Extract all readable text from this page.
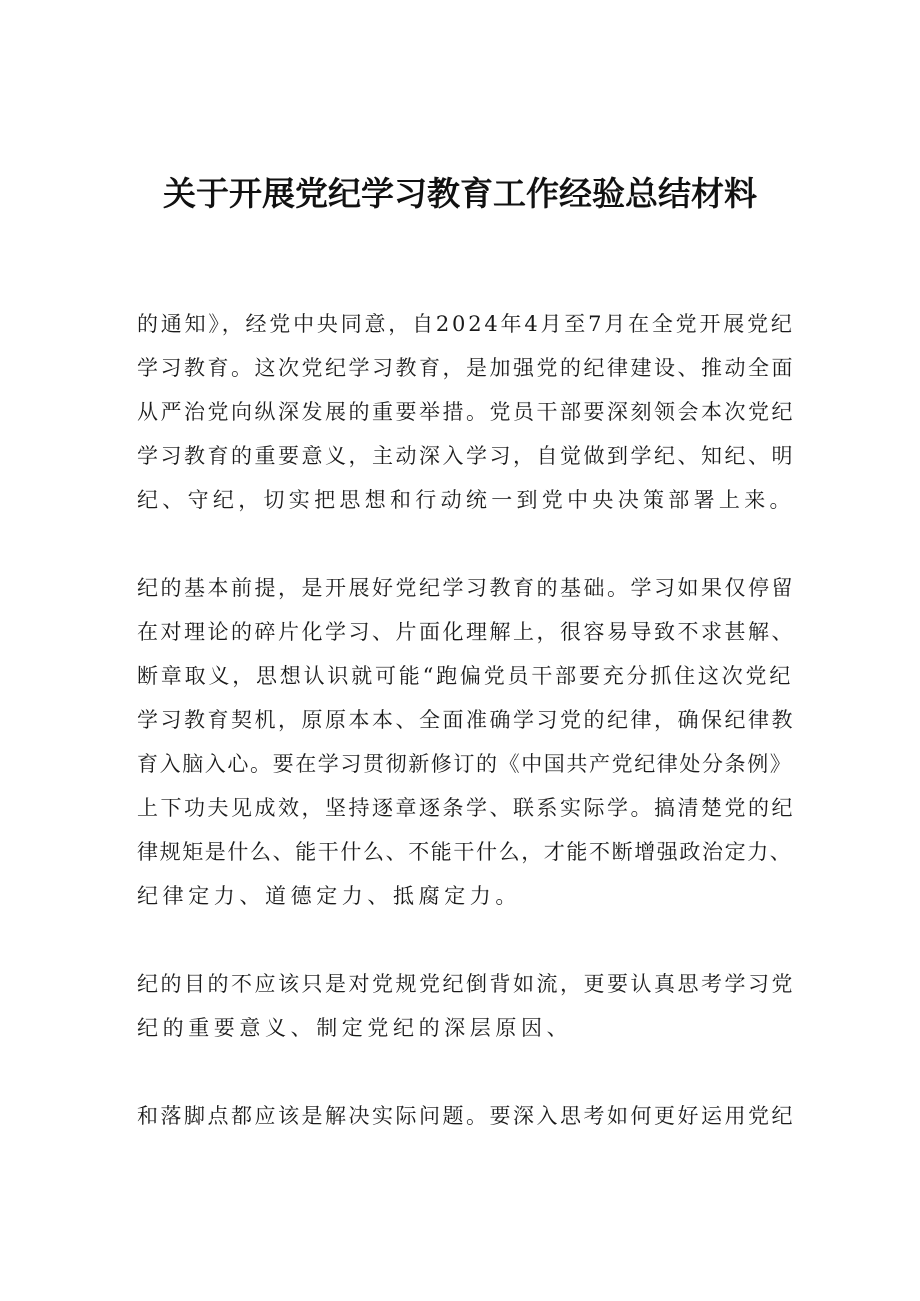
关于开展党纪学习教育工作经验总结材料

的通知》，经党中央同意，自2024年4月至7月在全党开展党纪

学习教育。这次党纪学习教育，是加强党的纪律建设、推动全面

从严治党向纵深发展的重要举措。党员干部要深刻领会本次党纪

学习教育的重要意义，主动深入学习，自觉做到学纪、知纪、明

纪、守纪，切实把思想和行动统一到党中央决策部署上来。

纪的基本前提，是开展好党纪学习教育的基础。学习如果仅停留

在对理论的碎片化学习、片面化理解上，很容易导致不求甚解、

断章取义，思想认识就可能“跑偏党员干部要充分抓住这次党纪

学习教育契机，原原本本、全面准确学习党的纪律，确保纪律教

育入脑入心。要在学习贯彻新修订的《中国共产党纪律处分条例》

上下功夫见成效，坚持逐章逐条学、联系实际学。搞清楚党的纪

律规矩是什么、能干什么、不能干什么，才能不断增强政治定力、

纪律定力、道德定力、抵腐定力。

纪的目的不应该只是对党规党纪倒背如流，更要认真思考学习党

纪的重要意义、制定党纪的深层原因、

和落脚点都应该是解决实际问题。要深入思考如何更好运用党纪
